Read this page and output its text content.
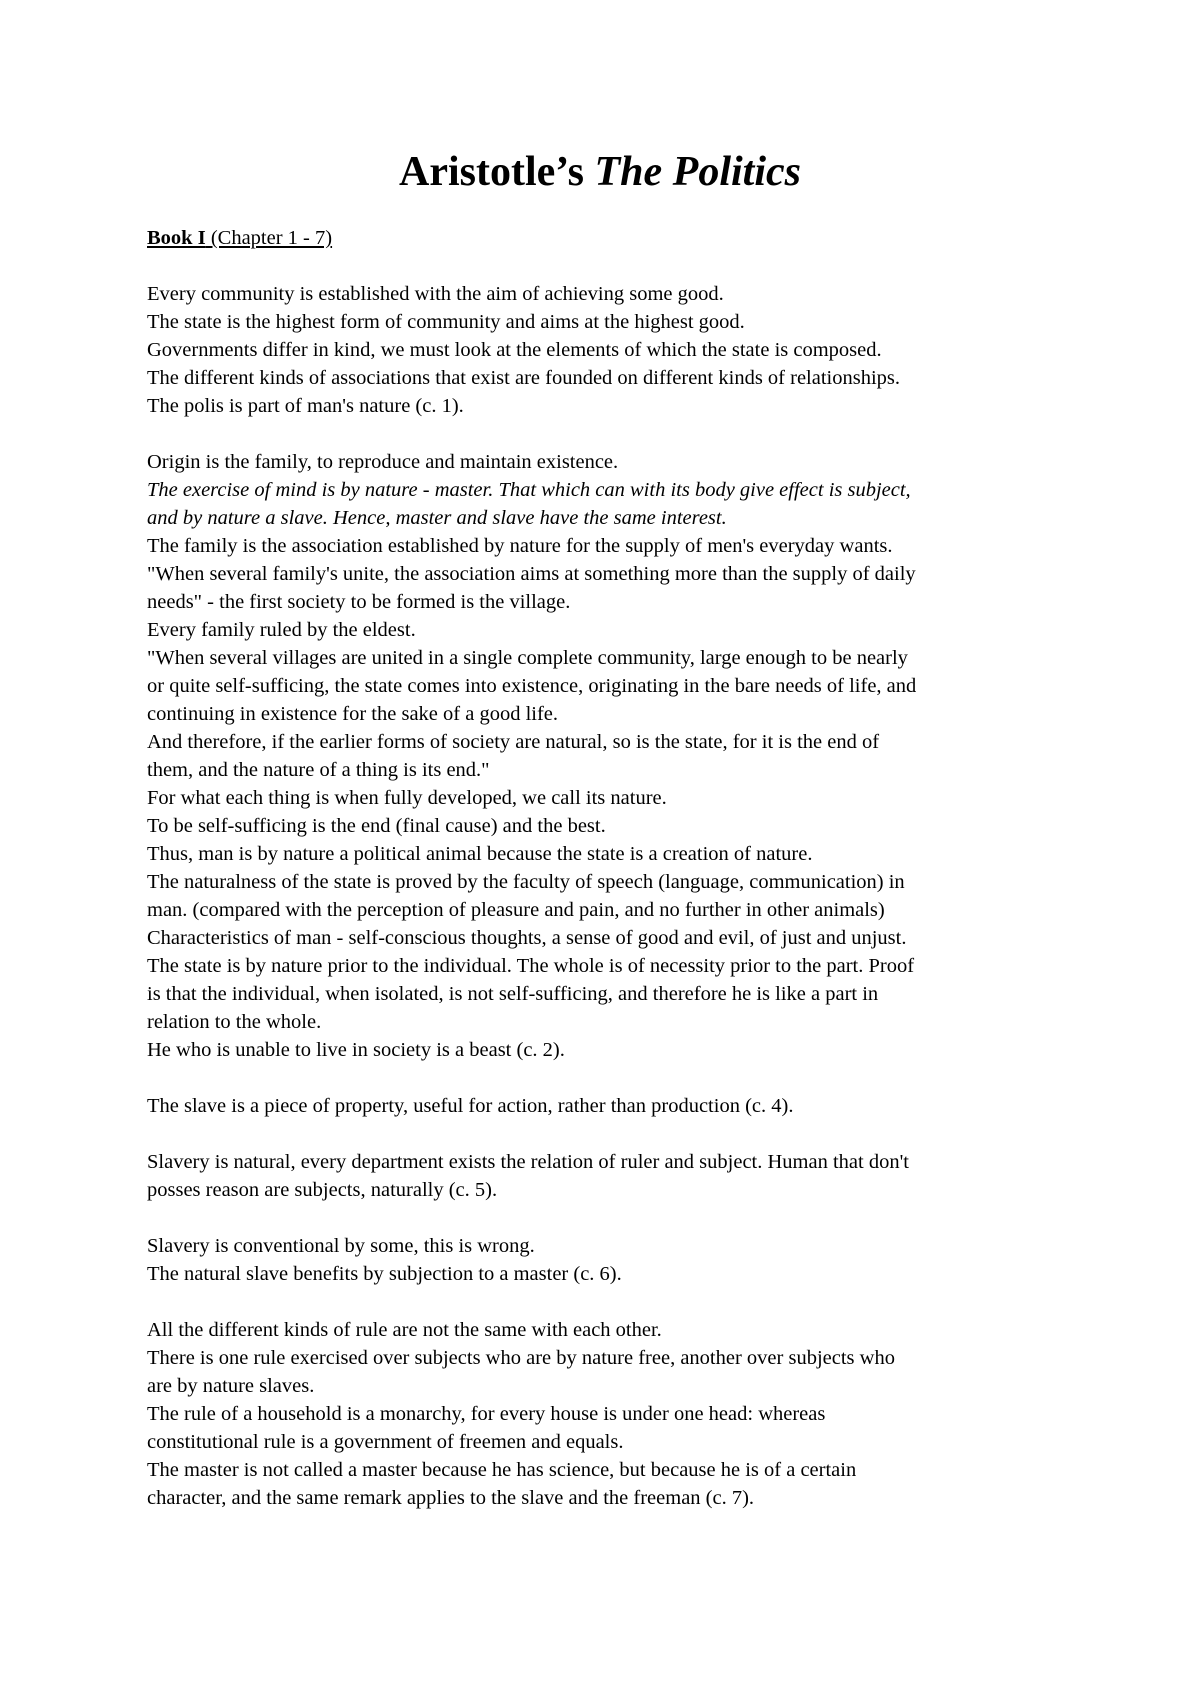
Aristotle’s The Politics
Book I (Chapter 1 - 7)
Every community is established with the aim of achieving some good.
The state is the highest form of community and aims at the highest good.
Governments differ in kind, we must look at the elements of which the state is composed.
The different kinds of associations that exist are founded on different kinds of relationships.
The polis is part of man's nature (c. 1).
Origin is the family, to reproduce and maintain existence.
The exercise of mind is by nature - master. That which can with its body give effect is subject,
and by nature a slave. Hence, master and slave have the same interest.
The family is the association established by nature for the supply of men's everyday wants.
"When several family's unite, the association aims at something more than the supply of daily
needs" - the first society to be formed is the village.
Every family ruled by the eldest.
"When several villages are united in a single complete community, large enough to be nearly
or quite self-sufficing, the state comes into existence, originating in the bare needs of life, and
continuing in existence for the sake of a good life.
And therefore, if the earlier forms of society are natural, so is the state, for it is the end of
them, and the nature of a thing is its end."
For what each thing is when fully developed, we call its nature.
To be self-sufficing is the end (final cause) and the best.
Thus, man is by nature a political animal because the state is a creation of nature.
The naturalness of the state is proved by the faculty of speech (language, communication) in
man. (compared with the perception of pleasure and pain, and no further in other animals)
Characteristics of man - self-conscious thoughts, a sense of good and evil, of just and unjust.
The state is by nature prior to the individual. The whole is of necessity prior to the part. Proof
is that the individual, when isolated, is not self-sufficing, and therefore he is like a part in
relation to the whole.
He who is unable to live in society is a beast (c. 2).
The slave is a piece of property, useful for action, rather than production (c. 4).
Slavery is natural, every department exists the relation of ruler and subject. Human that don't
posses reason are subjects, naturally (c. 5).
Slavery is conventional by some, this is wrong.
The natural slave benefits by subjection to a master (c. 6).
All the different kinds of rule are not the same with each other.
There is one rule exercised over subjects who are by nature free, another over subjects who
are by nature slaves.
The rule of a household is a monarchy, for every house is under one head: whereas
constitutional rule is a government of freemen and equals.
The master is not called a master because he has science, but because he is of a certain
character, and the same remark applies to the slave and the freeman (c. 7).
